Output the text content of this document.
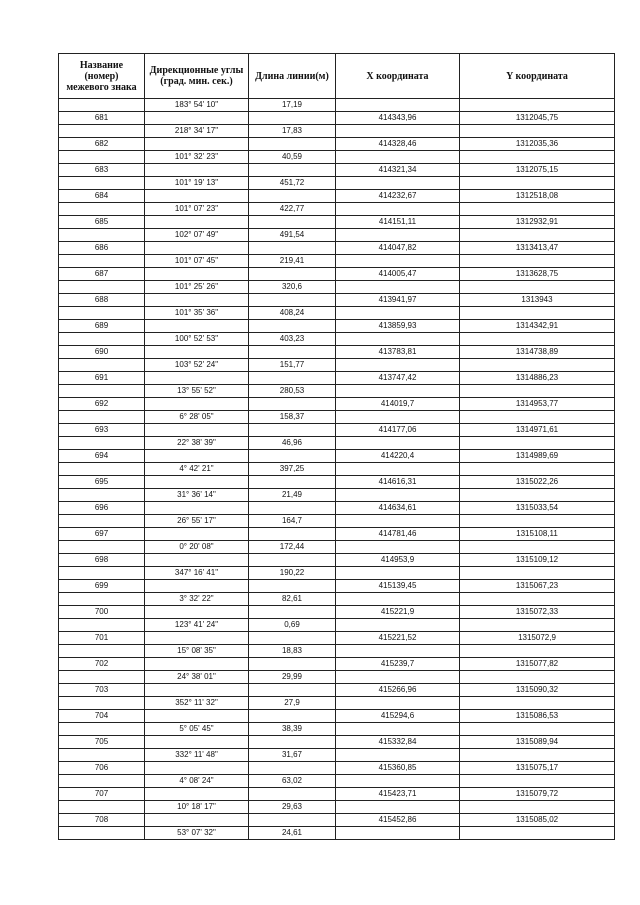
Название
(номер)
межевого знака	Дирекционные углы
(град. мин. сек.)	Длина линии(м)	X координата	Y координата
	183° 54' 10"	17,19		
681			414343,96	1312045,75
	218° 34' 17"	17,83		
682			414328,46	1312035,36
	101° 32' 23"	40,59		
683			414321,34	1312075,15
	101° 19' 13"	451,72		
684			414232,67	1312518,08
	101° 07' 23"	422,77		
685			414151,11	1312932,91
	102° 07' 49"	491,54		
686			414047,82	1313413,47
	101° 07' 45"	219,41		
687			414005,47	1313628,75
	101° 25' 26"	320,6		
688			413941,97	1313943
	101° 35' 36"	408,24		
689			413859,93	1314342,91
	100° 52' 53"	403,23		
690			413783,81	1314738,89
	103° 52' 24"	151,77		
691			413747,42	1314886,23
	13° 55' 52"	280,53		
692			414019,7	1314953,77
	6° 28' 05"	158,37		
693			414177,06	1314971,61
	22° 38' 39"	46,96		
694			414220,4	1314989,69
	4° 42' 21"	397,25		
695			414616,31	1315022,26
	31° 36' 14"	21,49		
696			414634,61	1315033,54
	26° 55' 17"	164,7		
697			414781,46	1315108,11
	0° 20' 08"	172,44		
698			414953,9	1315109,12
	347° 16' 41"	190,22		
699			415139,45	1315067,23
	3° 32' 22"	82,61		
700			415221,9	1315072,33
	123° 41' 24"	0,69		
701			415221,52	1315072,9
	15° 08' 35"	18,83		
702			415239,7	1315077,82
	24° 38' 01"	29,99		
703			415266,96	1315090,32
	352° 11' 32"	27,9		
704			415294,6	1315086,53
	5° 05' 45"	38,39		
705			415332,84	1315089,94
	332° 11' 48"	31,67		
706			415360,85	1315075,17
	4° 08' 24"	63,02		
707			415423,71	1315079,72
	10° 18' 17"	29,63		
708			415452,86	1315085,02
	53° 07' 32"	24,61		
